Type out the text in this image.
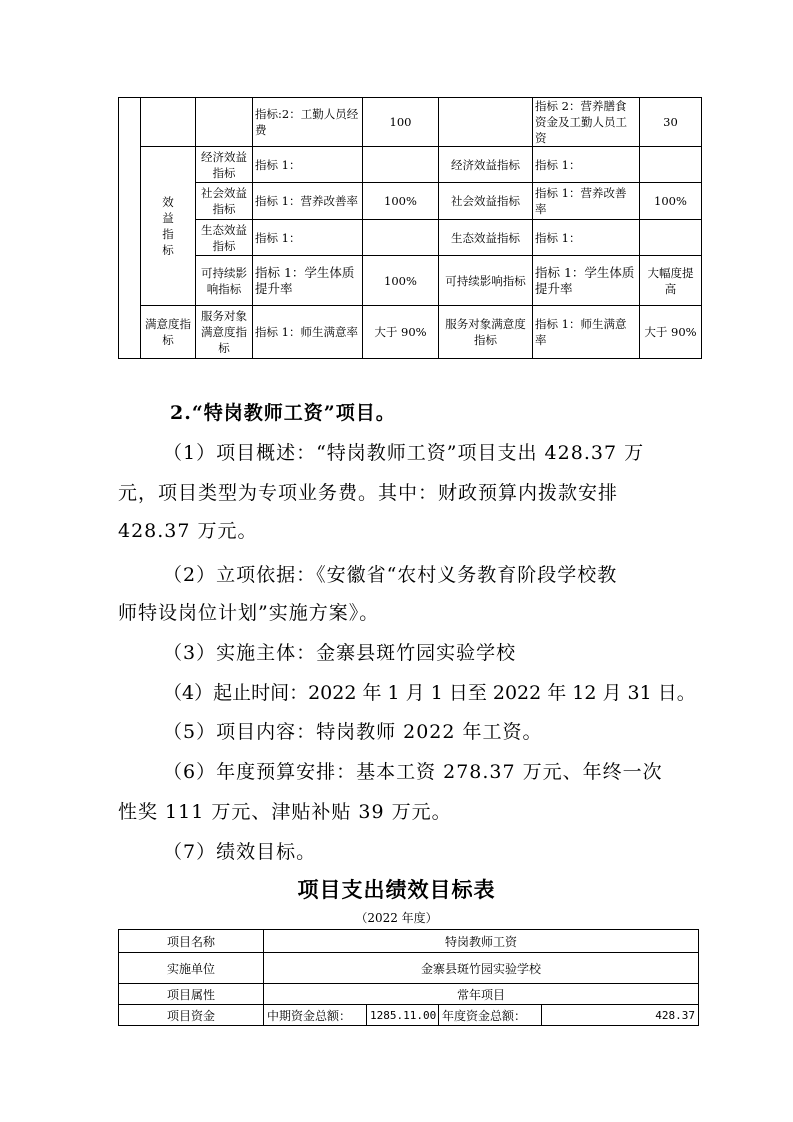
			指标:2：工勤人员经费	100		指标 2：营养膳食资金及工勤人员工资	30

	效益指标	经济效益指标	指标 1：		经济效益指标	指标 1：	
		社会效益指标	指标 1：营养改善率	100%	社会效益指标	指标 1：营养改善率	100%
		生态效益指标	指标 1：		生态效益指标	指标 1：	
		可持续影响指标	指标 1：学生体质提升率	100%	可持续影响指标	指标 1：学生体质提升率	大幅度提高
	满意度指标	服务对象满意度指标	指标 1：师生满意率	大于 90%	服务对象满意度指标	指标 1：师生满意率	大于 90%
2.“特岗教师工资”项目。
（1）项目概述：“特岗教师工资”项目支出 428.37 万
元，项目类型为专项业务费。其中：财政预算内拨款安排
428.37 万元。
（2）立项依据：《安徽省“农村义务教育阶段学校教
师特设岗位计划”实施方案》。
（3）实施主体：金寨县斑竹园实验学校
（4）起止时间：2022 年 1 月 1 日至 2022 年 12 月 31 日。
（5）项目内容：特岗教师 2022 年工资。
（6）年度预算安排：基本工资 278.37 万元、年终一次
性奖 111 万元、津贴补贴 39 万元。
（7）绩效目标。
项目支出绩效目标表
（2022 年度）
项目名称	特岗教师工资			
实施单位	金寨县斑竹园实验学校			
项目属性	常年项目			
项目资金	中期资金总额：	1285.11.00	年度资金总额：	428.37
